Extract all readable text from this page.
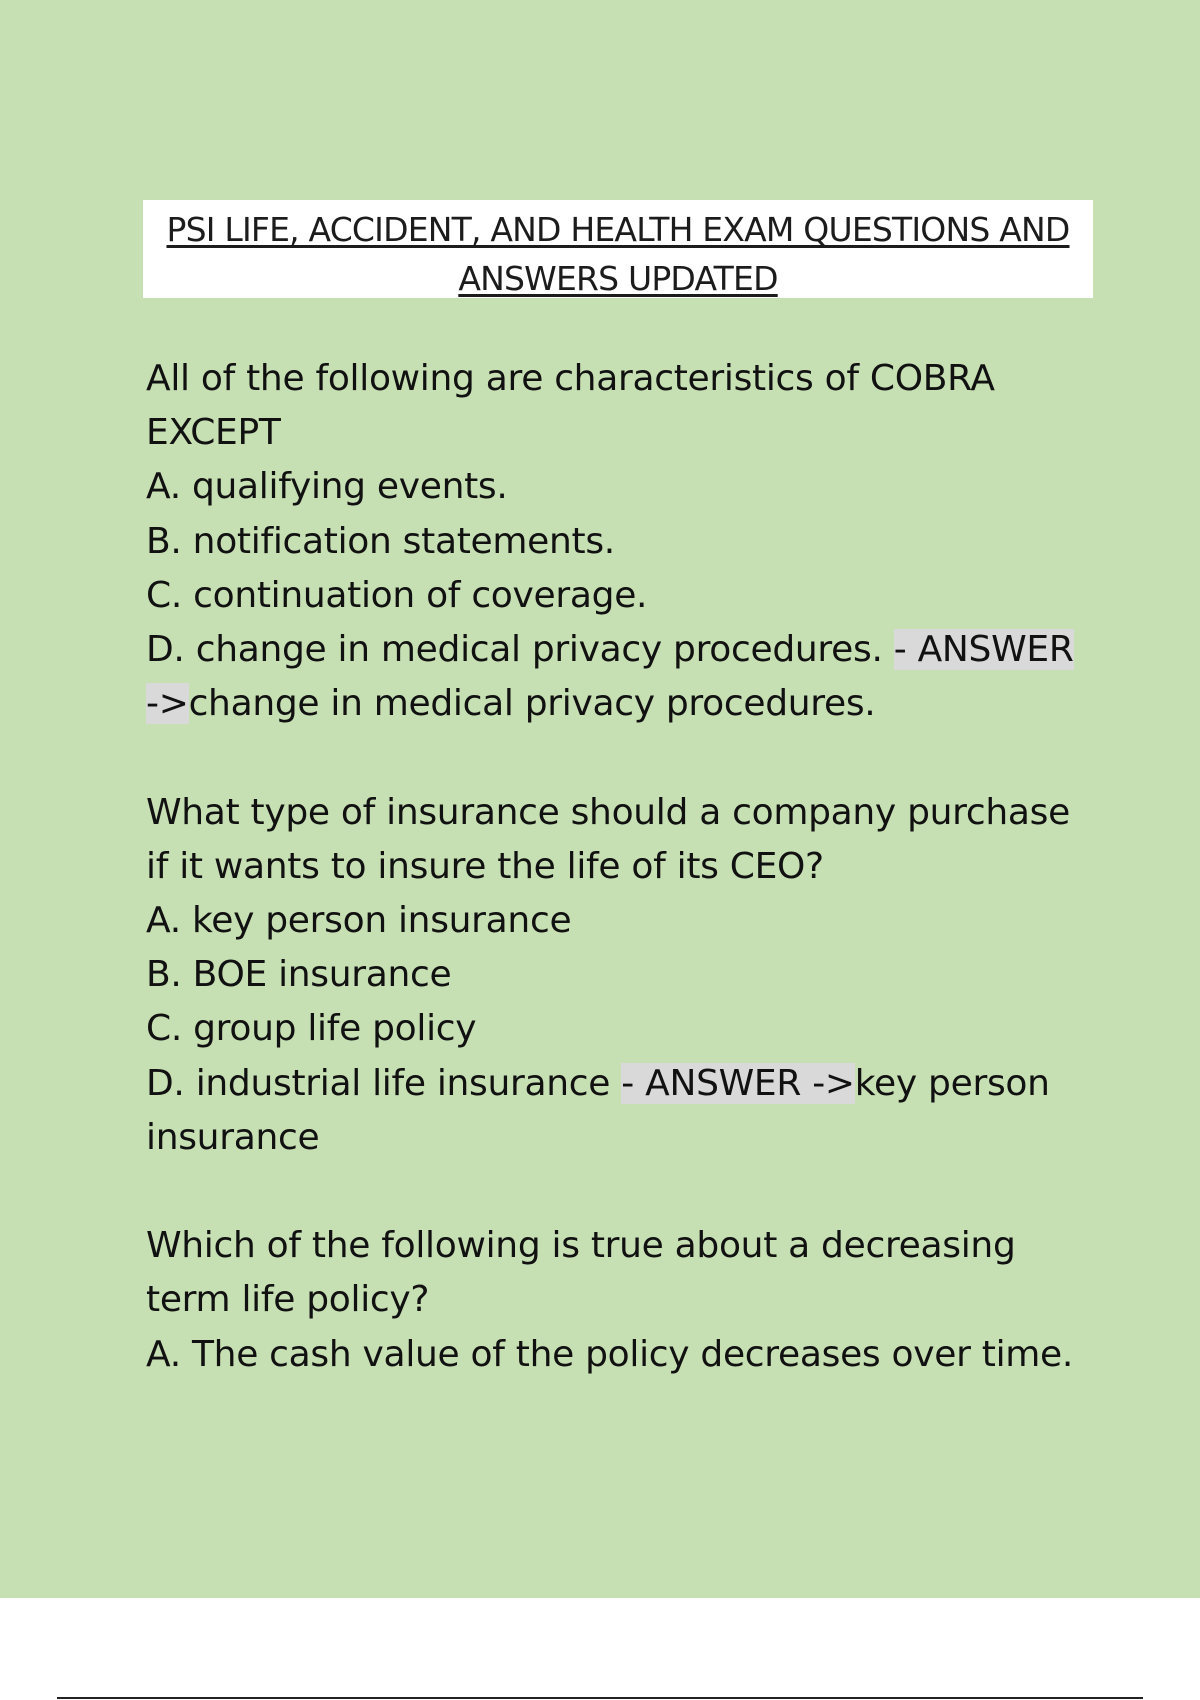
PSI LIFE, ACCIDENT, AND HEALTH EXAM QUESTIONS AND
ANSWERS UPDATED
All of the following are characteristics of COBRA
EXCEPT
A. qualifying events.
B. notification statements.
C. continuation of coverage.
D. change in medical privacy procedures. - ANSWER
->change in medical privacy procedures.
What type of insurance should a company purchase
if it wants to insure the life of its CEO?
A. key person insurance
B. BOE insurance
C. group life policy
D. industrial life insurance - ANSWER ->key person
insurance
Which of the following is true about a decreasing
term life policy?
A. The cash value of the policy decreases over time.
